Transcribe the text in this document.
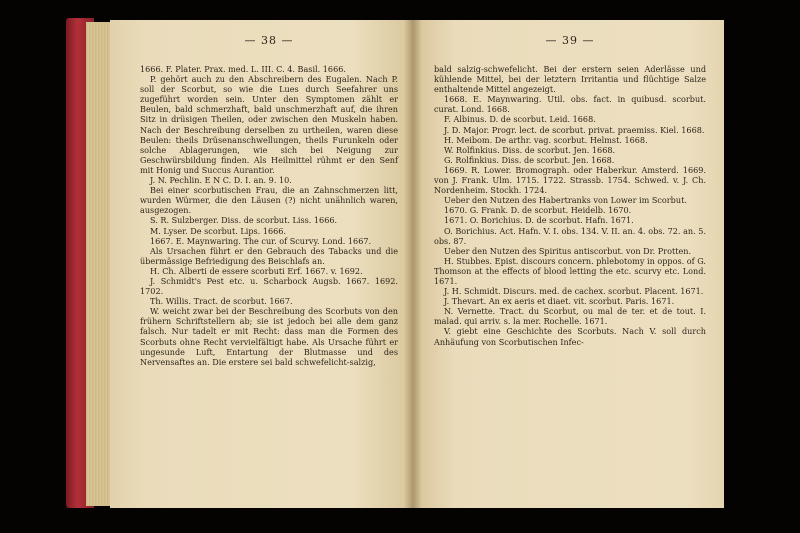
— 38 —

1666. F. Plater. Prax. med. L. III. C. 4. Basil. 1666.

P. gehört auch zu den Abschreibern des Eugalen. Nach P. soll der Scorbut, so wie die Lues durch Seefahrer uns zugeführt worden sein. Unter den Symptomen zählt er Beulen, bald schmerzhaft, bald unschmerzhaft auf, die ihren Sitz in drüsigen Theilen, oder zwischen den Muskeln haben. Nach der Beschreibung derselben zu urtheilen, waren diese Beulen: theils Drüsenanschwellungen, theils Furunkeln oder solche Ablagerungen, wie sich bei Neigung zur Geschwürsbildung finden. Als Heilmittel rühmt er den Senf mit Honig und Succus Aurantior.

J. N. Pechlin. E N C. D. I. an. 9. 10.

Bei einer scorbutischen Frau, die an Zahnschmerzen litt, wurden Würmer, die den Läusen (?) nicht unähnlich waren, ausgezogen.

S. R. Sulzberger. Diss. de scorbut. Liss. 1666.

M. Lyser. De scorbut. Lips. 1666.

1667. E. Maynwaring. The cur. of Scurvy. Lond. 1667.

Als Ursachen führt er den Gebrauch des Tabacks und die übermässige Befriedigung des Beischlafs an.

H. Ch. Alberti de essere scorbuti Erf. 1667. v. 1692.

J. Schmidt's Pest etc. u. Scharbock Augsb. 1667. 1692. 1702.

Th. Willis. Tract. de scorbut. 1667.

W. weicht zwar bei der Beschreibung des Scorbuts von den frühern Schriftstellern ab; sie ist jedoch bei alle dem ganz falsch. Nur tadelt er mit Recht: dass man die Formen des Scorbuts ohne Recht vervielfältigt habe. Als Ursache führt er ungesunde Luft, Entartung der Blutmasse und des Nervensaftes an. Die erstere sei bald schwefelicht-salzig,

— 39 —

bald salzig-schwefelicht. Bei der erstern seien Aderlässe und kühlende Mittel, bei der letztern Irritantia und flüchtige Salze enthaltende Mittel angezeigt.

1668. E. Maynwaring. Util. obs. fact. in quibusd. scorbut. curat. Lond. 1668.

F. Albinus. D. de scorbut. Leid. 1668.

J. D. Major. Progr. lect. de scorbut. privat. praemiss. Kiel. 1668.

H. Meibom. De arthr. vag. scorbut. Helmst. 1668.

W. Rolfinkius. Diss. de scorbut. Jen. 1668.

G. Rolfinkius. Diss. de scorbut. Jen. 1668.

1669. R. Lower. Bromograph. oder Haberkur. Amsterd. 1669. von J. Frank. Ulm. 1715. 1722. Strassb. 1754. Schwed. v. J. Ch. Nordenheim. Stockh. 1724.

Ueber den Nutzen des Habertranks von Lower im Scorbut.

1670. G. Frank. D. de scorbut. Heidelb. 1670.

1671. O. Borichius. D. de scorbut. Hafn. 1671.

O. Borichius. Act. Hafn. V. I. obs. 134. V. II. an. 4. obs. 72. an. 5. obs. 87.

Ueber den Nutzen des Spiritus antiscorbut. von Dr. Protten.

H. Stubbes. Epist. discours concern. phlebotomy in oppos. of G. Thomson at the effects of blood letting the etc. scurvy etc. Lond. 1671.

J. H. Schmidt. Discurs. med. de cachex. scorbut. Placent. 1671.

J. Thevart. An ex aeris et diaet. vit. scorbut. Paris. 1671.

N. Vernette. Tract. du Scorbut, ou mal de ter. et de tout. I. malad. qui arriv. s. la mer. Rochelle. 1671.

V. giebt eine Geschichte des Scorbuts. Nach V. soll durch Anhäufung von Scorbutischen Infec-
